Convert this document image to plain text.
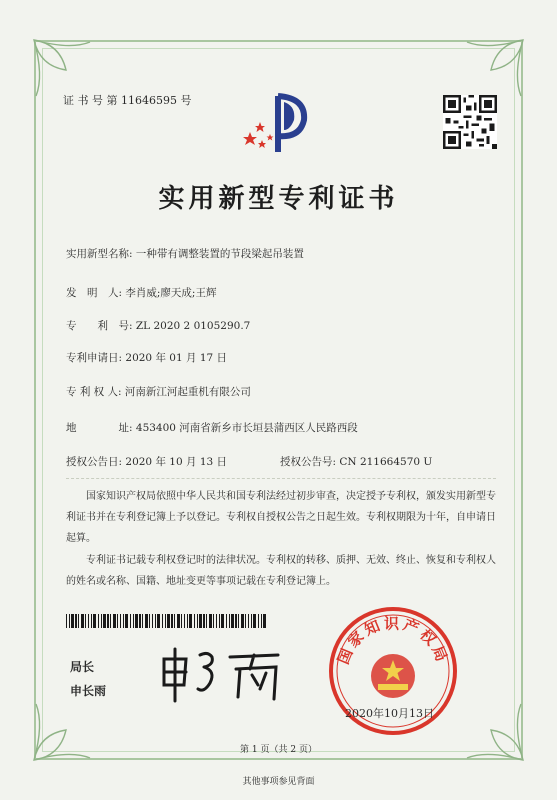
证 书 号 第 11646595 号
实用新型专利证书
实用新型名称: 一种带有调整装置的节段梁起吊装置
发　明　人: 李肖威;廖天成;王辉
专　　利　号: ZL 2020 2 0105290.7
专利申请日: 2020 年 01 月 17 日
专 利 权 人: 河南新江河起重机有限公司
地　　　　址: 453400 河南省新乡市长垣县蒲西区人民路西段
授权公告日: 2020 年 10 月 13 日	授权公告号: CN 211664570 U
国家知识产权局依照中华人民共和国专利法经过初步审查，决定授予专利权，颁发实用新型专利证书并在专利登记簿上予以登记。专利权自授权公告之日起生效。专利权期限为十年，自申请日起算。
专利证书记载专利权登记时的法律状况。专利权的转移、质押、无效、终止、恢复和专利权人的姓名或名称、国籍、地址变更等事项记载在专利登记簿上。
局长
申长雨
国家知识产权局
2020年10月13日
第 1 页（共 2 页）
其他事项参见背面
